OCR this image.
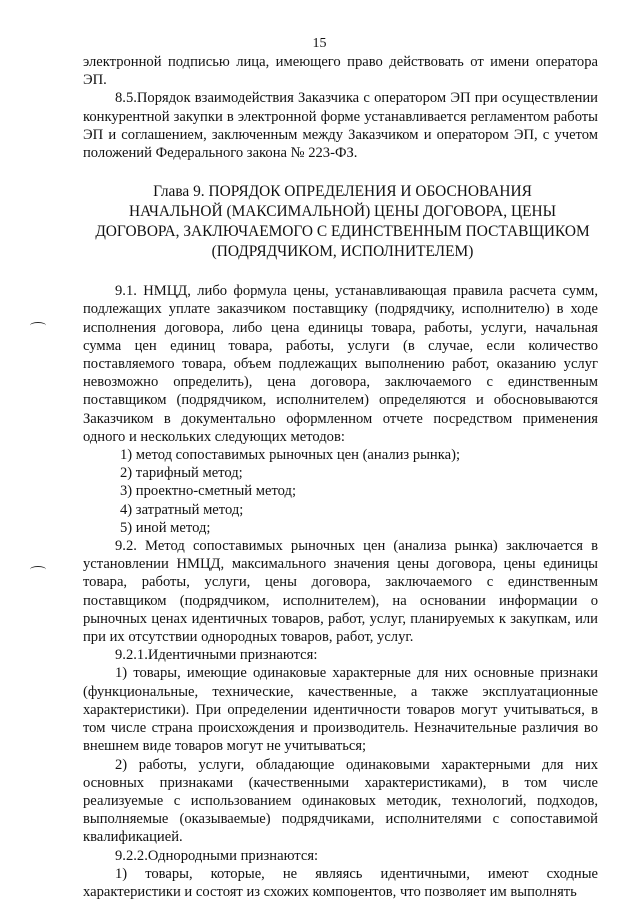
15

электронной подписью лица, имеющего право действовать от имени оператора ЭП.

8.5.Порядок взаимодействия Заказчика с оператором ЭП при осуществлении конкурентной закупки в электронной форме устанавливается регламентом работы ЭП и соглашением, заключенным между Заказчиком и оператором ЭП, с учетом положений Федерального закона № 223-ФЗ.

Глава 9. ПОРЯДОК ОПРЕДЕЛЕНИЯ И ОБОСНОВАНИЯ
НАЧАЛЬНОЙ (МАКСИМАЛЬНОЙ) ЦЕНЫ ДОГОВОРА, ЦЕНЫ
ДОГОВОРА, ЗАКЛЮЧАЕМОГО С ЕДИНСТВЕННЫМ ПОСТАВЩИКОМ
(ПОДРЯДЧИКОМ, ИСПОЛНИТЕЛЕМ)

9.1. НМЦД, либо формула цены, устанавливающая правила расчета сумм, подлежащих уплате заказчиком поставщику (подрядчику, исполнителю) в ходе исполнения договора, либо цена единицы товара, работы, услуги, начальная сумма цен единиц товара, работы, услуги (в случае, если количество поставляемого товара, объем подлежащих выполнению работ, оказанию услуг невозможно определить), цена договора, заключаемого с единственным поставщиком (подрядчиком, исполнителем) определяются и обосновываются Заказчиком в документально оформленном отчете посредством применения одного и нескольких следующих методов:

1) метод сопоставимых рыночных цен (анализ рынка);

2) тарифный метод;

3) проектно-сметный метод;

4) затратный метод;

5) иной метод;

9.2. Метод сопоставимых рыночных цен (анализа рынка) заключается в установлении НМЦД, максимального значения цены договора, цены единицы товара, работы, услуги, цены договора, заключаемого с единственным поставщиком (подрядчиком, исполнителем), на основании информации о рыночных ценах идентичных товаров, работ, услуг, планируемых к закупкам, или при их отсутствии однородных товаров, работ, услуг.

9.2.1.Идентичными признаются:

1) товары, имеющие одинаковые характерные для них основные признаки (функциональные, технические, качественные, а также эксплуатационные характеристики). При определении идентичности товаров могут учитываться, в том числе страна происхождения и производитель. Незначительные различия во внешнем виде товаров могут не учитываться;

2) работы, услуги, обладающие одинаковыми характерными для них основных признаками (качественными характеристиками), в том числе реализуемые с использованием одинаковых методик, технологий, подходов, выполняемые (оказываемые) подрядчиками, исполнителями с сопоставимой квалификацией.

9.2.2.Однородными признаются:

1) товары, которые, не являясь идентичными, имеют сходные характеристики и состоят из схожих компонентов, что позволяет им выполнять
